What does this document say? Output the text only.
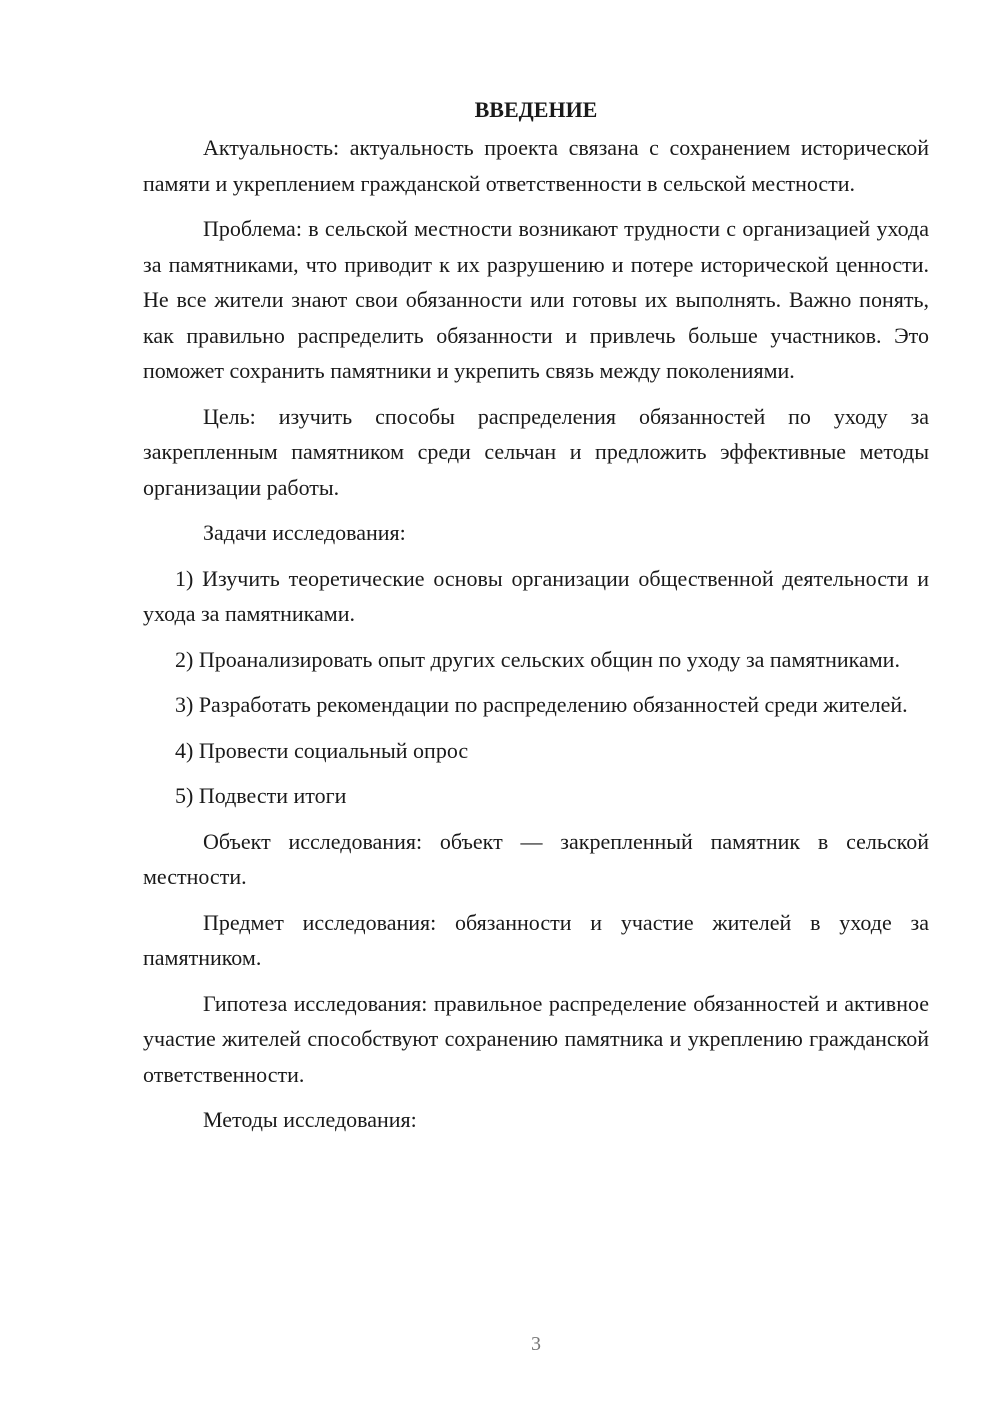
ВВЕДЕНИЕ

Актуальность: актуальность проекта связана с сохранением исторической памяти и укреплением гражданской ответственности в сельской местности.

Проблема: в сельской местности возникают трудности с организацией ухода за памятниками, что приводит к их разрушению и потере исторической ценности. Не все жители знают свои обязанности или готовы их выполнять. Важно понять, как правильно распределить обязанности и привлечь больше участников. Это поможет сохранить памятники и укрепить связь между поколениями.

Цель: изучить способы распределения обязанностей по уходу за закрепленным памятником среди сельчан и предложить эффективные методы организации работы.

Задачи исследования:

1) Изучить теоретические основы организации общественной деятельности и ухода за памятниками.

2) Проанализировать опыт других сельских общин по уходу за памятниками.

3) Разработать рекомендации по распределению обязанностей среди жителей.

4) Провести социальный опрос

5) Подвести итоги

Объект исследования: объект — закрепленный памятник в сельской местности.

Предмет исследования: обязанности и участие жителей в уходе за памятником.

Гипотеза исследования: правильное распределение обязанностей и активное участие жителей способствуют сохранению памятника и укреплению гражданской ответственности.

Методы исследования:

3
